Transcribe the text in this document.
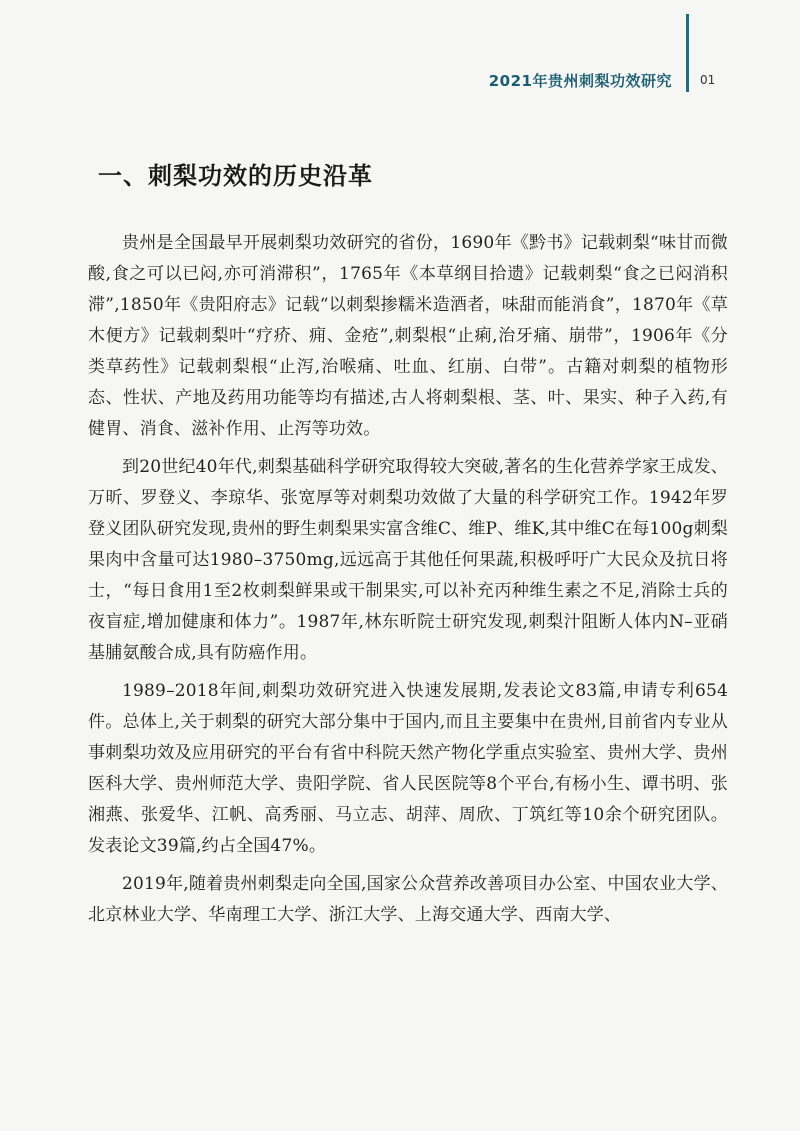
2021年贵州刺梨功效研究 01
一、刺梨功效的历史沿革

贵州是全国最早开展刺梨功效研究的省份，1690年《黔书》记载刺梨“味甘而微酸,食之可以已闷,亦可消滞积”，1765年《本草纲目拾遗》记载刺梨“食之已闷消积滞”,1850年《贵阳府志》记载“以刺梨掺糯米造酒者，味甜而能消食”，1870年《草木便方》记载刺梨叶“疗疥、痈、金疮”,刺梨根“止痢,治牙痛、崩带”，1906年《分类草药性》记载刺梨根“止泻,治喉痛、吐血、红崩、白带”。古籍对刺梨的植物形态、性状、产地及药用功能等均有描述,古人将刺梨根、茎、叶、果实、种子入药,有健胃、消食、滋补作用、止泻等功效。

到20世纪40年代,刺梨基础科学研究取得较大突破,著名的生化营养学家王成发、万昕、罗登义、李琼华、张宽厚等对刺梨功效做了大量的科学研究工作。1942年罗登义团队研究发现,贵州的野生刺梨果实富含维C、维P、维K,其中维C在每100g刺梨果肉中含量可达1980–3750mg,远远高于其他任何果蔬,积极呼吁广大民众及抗日将士，“每日食用1至2枚刺梨鲜果或干制果实,可以补充丙种维生素之不足,消除士兵的夜盲症,增加健康和体力”。1987年,林东昕院士研究发现,刺梨汁阻断人体内N–亚硝基脯氨酸合成,具有防癌作用。

1989–2018年间,刺梨功效研究进入快速发展期,发表论文83篇,申请专利654件。总体上,关于刺梨的研究大部分集中于国内,而且主要集中在贵州,目前省内专业从事刺梨功效及应用研究的平台有省中科院天然产物化学重点实验室、贵州大学、贵州医科大学、贵州师范大学、贵阳学院、省人民医院等8个平台,有杨小生、谭书明、张湘燕、张爱华、江帆、高秀丽、马立志、胡萍、周欣、丁筑红等10余个研究团队。发表论文39篇,约占全国47%。

2019年,随着贵州刺梨走向全国,国家公众营养改善项目办公室、中国农业大学、北京林业大学、华南理工大学、浙江大学、上海交通大学、西南大学、
